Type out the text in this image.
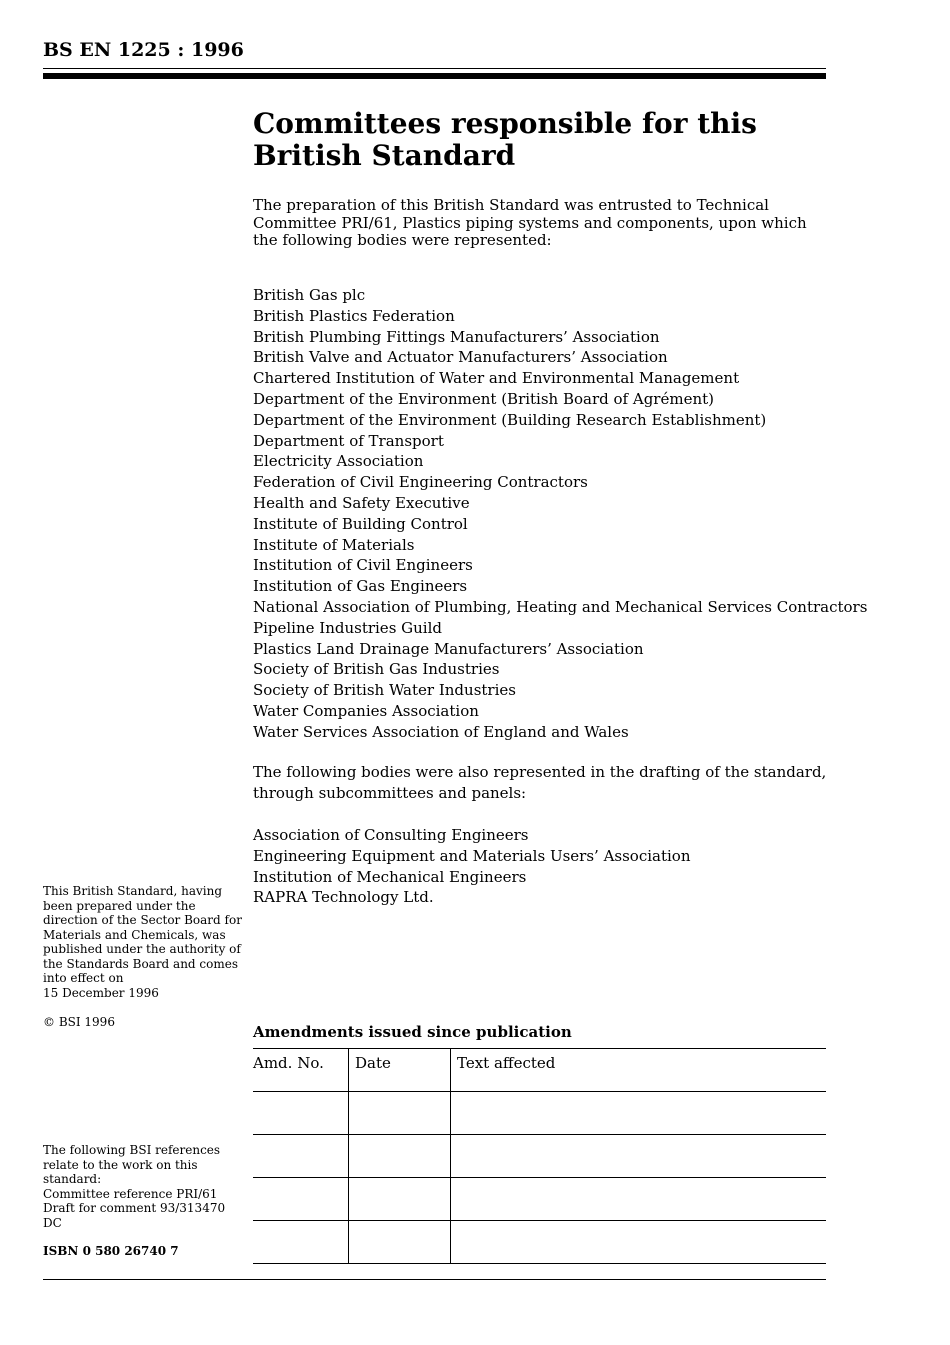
BS EN 1225 : 1996
Committees responsible for this
British Standard

The preparation of this British Standard was entrusted to Technical Committee PRI/61, Plastics piping systems and components, upon which the following bodies were represented:

British Gas plc
British Plastics Federation
British Plumbing Fittings Manufacturers’ Association
British Valve and Actuator Manufacturers’ Association
Chartered Institution of Water and Environmental Management
Department of the Environment (British Board of Agrément)
Department of the Environment (Building Research Establishment)
Department of Transport
Electricity Association
Federation of Civil Engineering Contractors
Health and Safety Executive
Institute of Building Control
Institute of Materials
Institution of Civil Engineers
Institution of Gas Engineers
National Association of Plumbing, Heating and Mechanical Services Contractors
Pipeline Industries Guild
Plastics Land Drainage Manufacturers’ Association
Society of British Gas Industries
Society of British Water Industries
Water Companies Association
Water Services Association of England and Wales

The following bodies were also represented in the drafting of the standard, through subcommittees and panels:

Association of Consulting Engineers
Engineering Equipment and Materials Users’ Association
Institution of Mechanical Engineers
RAPRA Technology Ltd.
This British Standard, having
been prepared under the
direction of the Sector Board for
Materials and Chemicals, was
published under the authority of
the Standards Board and comes
into effect on
15 December 1996
© BSI 1996
The following BSI references
relate to the work on this
standard:
Committee reference PRI/61
Draft for comment 93/313470 DC
ISBN 0 580 26740 7
Amendments issued since publication
Amd. No.	Date	Text affected
